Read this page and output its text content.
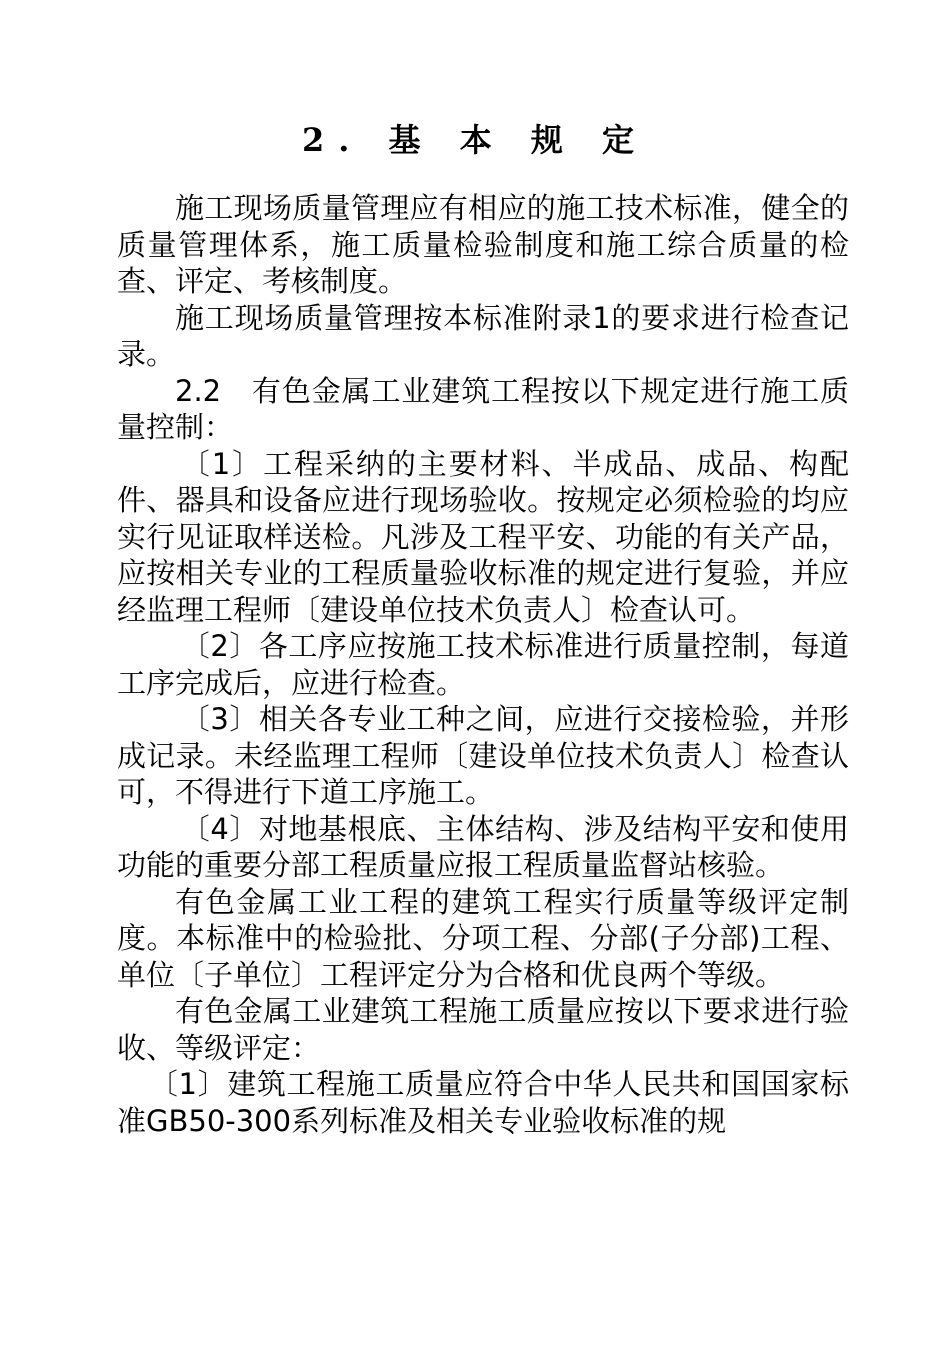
2. 基 本 规 定

施工现场质量管理应有相应的施工技术标准，健全的质量管理体系，施工质量检验制度和施工综合质量的检查、评定、考核制度。

施工现场质量管理按本标准附录1的要求进行检查记录。

2.2　有色金属工业建筑工程按以下规定进行施工质量控制：

〔1〕工程采纳的主要材料、半成品、成品、构配件、器具和设备应进行现场验收。按规定必须检验的均应实行见证取样送检。凡涉及工程平安、功能的有关产品，应按相关专业的工程质量验收标准的规定进行复验，并应经监理工程师〔建设单位技术负责人〕检查认可。

〔2〕各工序应按施工技术标准进行质量控制，每道工序完成后，应进行检查。

〔3〕相关各专业工种之间，应进行交接检验，并形成记录。未经监理工程师〔建设单位技术负责人〕检查认可，不得进行下道工序施工。

〔4〕对地基根底、主体结构、涉及结构平安和使用功能的重要分部工程质量应报工程质量监督站核验。

有色金属工业工程的建筑工程实行质量等级评定制度。本标准中的检验批、分项工程、分部(子分部)工程、单位〔子单位〕工程评定分为合格和优良两个等级。

有色金属工业建筑工程施工质量应按以下要求进行验收、等级评定：

〔1〕建筑工程施工质量应符合中华人民共和国国家标准GB50-300系列标准及相关专业验收标准的规
